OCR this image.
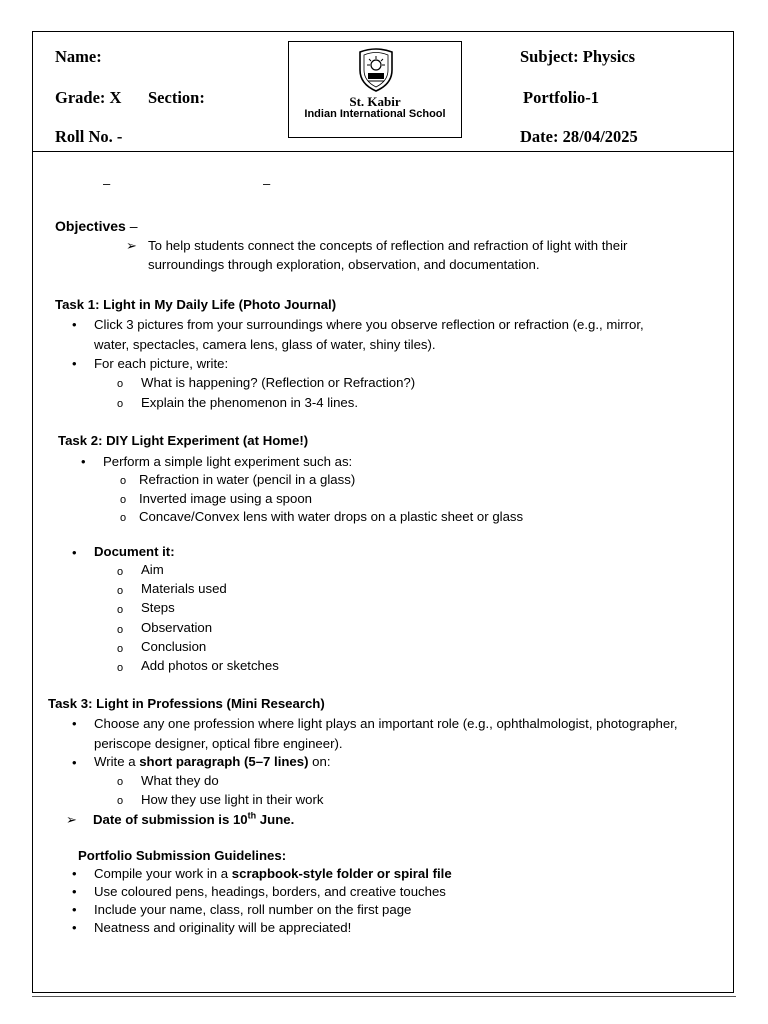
Name:
Grade: X Section:
Roll No. -
Subject: Physics
Portfolio-1
Date: 28/04/2025
St. Kabir
Indian International School
–	–
Objectives –
➢ To help students connect the concepts of reflection and refraction of light with their
surroundings through exploration, observation, and documentation.
Task 1: Light in My Daily Life (Photo Journal)
• Click 3 pictures from your surroundings where you observe reflection or refraction (e.g., mirror,
water, spectacles, camera lens, glass of water, shiny tiles).
• For each picture, write:
o What is happening? (Reflection or Refraction?)
o Explain the phenomenon in 3-4 lines.
Task 2: DIY Light Experiment (at Home!)
• Perform a simple light experiment such as:
o Refraction in water (pencil in a glass)
o Inverted image using a spoon
o Concave/Convex lens with water drops on a plastic sheet or glass
• Document it:
o Aim
o Materials used
o Steps
o Observation
o Conclusion
o Add photos or sketches
Task 3: Light in Professions (Mini Research)
• Choose any one profession where light plays an important role (e.g., ophthalmologist, photographer,
periscope designer, optical fibre engineer).
• Write a short paragraph (5–7 lines) on:
o What they do
o How they use light in their work
➢ Date of submission is 10th June.
Portfolio Submission Guidelines:
• Compile your work in a scrapbook-style folder or spiral file
• Use coloured pens, headings, borders, and creative touches
• Include your name, class, roll number on the first page
• Neatness and originality will be appreciated!
